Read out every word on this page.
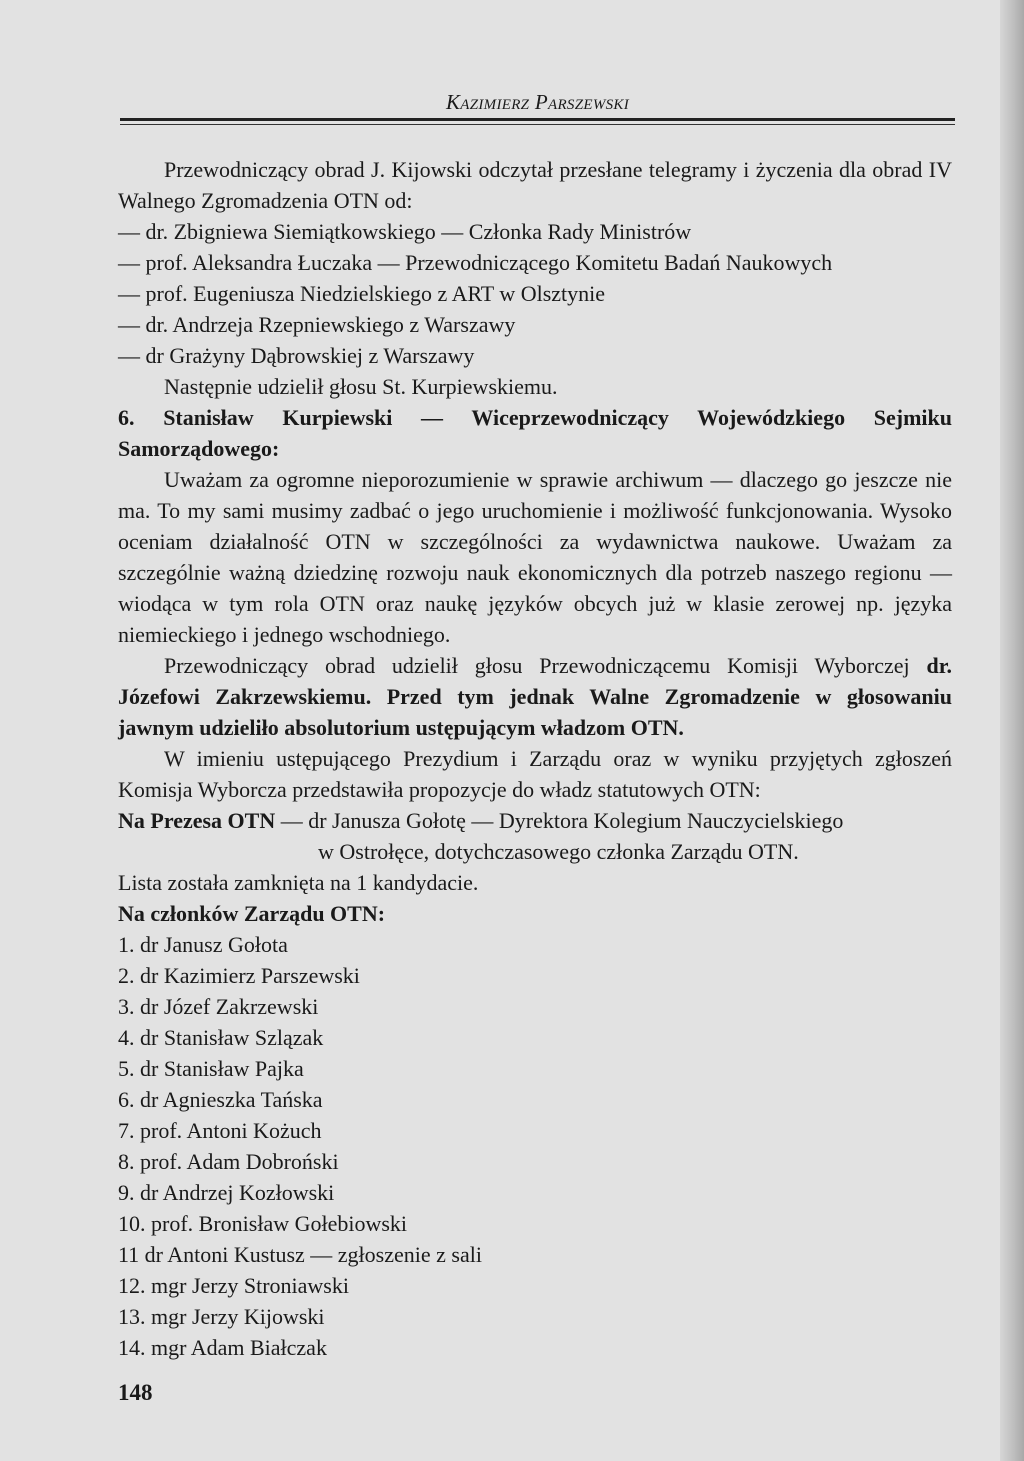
Kazimierz Parszewski

Przewodniczący obrad J. Kijowski odczytał przesłane telegramy i życzenia dla obrad IV Walnego Zgromadzenia OTN od:

— dr. Zbigniewa Siemiątkowskiego — Członka Rady Ministrów

— prof. Aleksandra Łuczaka — Przewodniczącego Komitetu Badań Naukowych

— prof. Eugeniusza Niedzielskiego z ART w Olsztynie

— dr. Andrzeja Rzepniewskiego z Warszawy

— dr Grażyny Dąbrowskiej z Warszawy

Następnie udzielił głosu St. Kurpiewskiemu.

6. Stanisław Kurpiewski — Wiceprzewodniczący Wojewódzkiego Sejmiku Samorządowego:

Uważam za ogromne nieporozumienie w sprawie archiwum — dlaczego go jeszcze nie ma. To my sami musimy zadbać o jego uruchomienie i możliwość funkcjonowania. Wysoko oceniam działalność OTN w szczególności za wydawnictwa naukowe. Uważam za szczególnie ważną dziedzinę rozwoju nauk ekonomicznych dla potrzeb naszego regionu — wiodąca w tym rola OTN oraz naukę języków obcych już w klasie zerowej np. języka niemieckiego i jednego wschodniego.

Przewodniczący obrad udzielił głosu Przewodniczącemu Komisji Wyborczej dr. Józefowi Zakrzewskiemu. Przed tym jednak Walne Zgromadzenie w głosowaniu jawnym udzieliło absolutorium ustępującym władzom OTN.

W imieniu ustępującego Prezydium i Zarządu oraz w wyniku przyjętych zgłoszeń Komisja Wyborcza przedstawiła propozycje do władz statutowych OTN:

Na Prezesa OTN — dr Janusza Gołotę — Dyrektora Kolegium Nauczycielskiego

w Ostrołęce, dotychczasowego członka Zarządu OTN.

Lista została zamknięta na 1 kandydacie.

Na członków Zarządu OTN:

1. dr Janusz Gołota

2. dr Kazimierz Parszewski

3. dr Józef Zakrzewski

4. dr Stanisław Szlązak

5. dr Stanisław Pajka

6. dr Agnieszka Tańska

7. prof. Antoni Kożuch

8. prof. Adam Dobroński

9. dr Andrzej Kozłowski

10. prof. Bronisław Gołebiowski

11 dr Antoni Kustusz — zgłoszenie z sali

12. mgr Jerzy Stroniawski

13. mgr Jerzy Kijowski

14. mgr Adam Białczak

148
